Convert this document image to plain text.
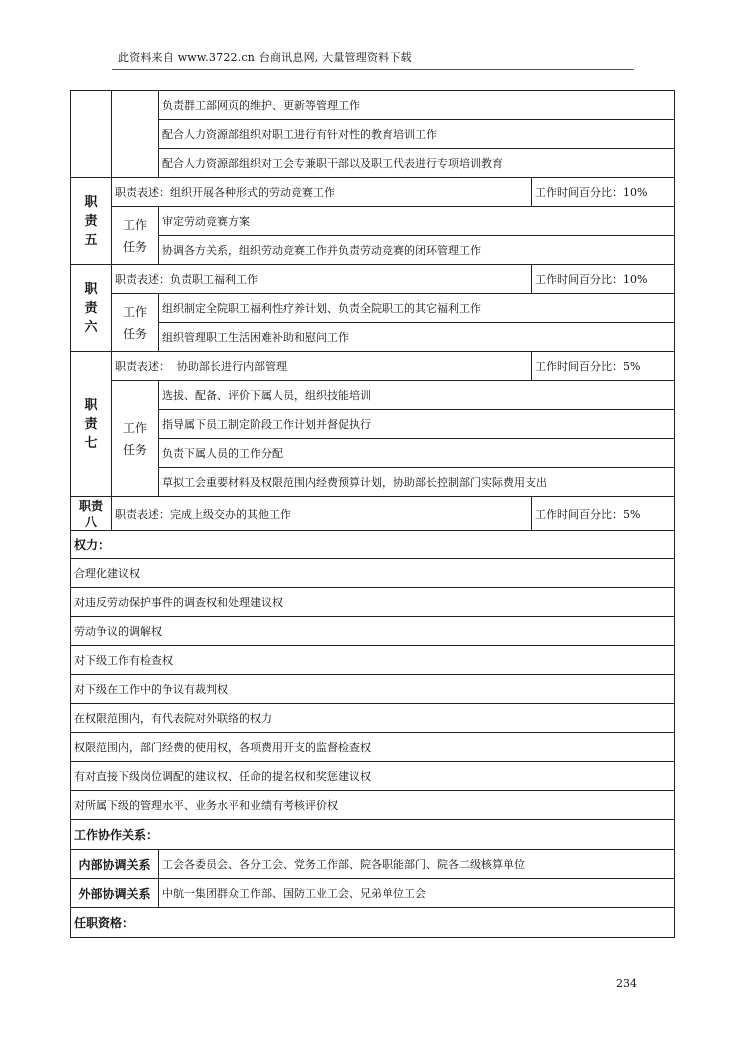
此资料来自 www.3722.cn 台商讯息网, 大量管理资料下载
		负责群工部网页的维护、更新等管理工作	
		配合人力资源部组织对职工进行有针对性的教育培训工作	
		配合人力资源部组织对工会专兼职干部以及职工代表进行专项培训教育	

职
责
五	职责表述：组织开展各种形式的劳动竞赛工作		工作时间百分比：10%

	工作
任务	审定劳动竞赛方案	
		协调各方关系，组织劳动竞赛工作并负责劳动竞赛的闭环管理工作	

职
责
六	职责表述：负责职工福利工作		工作时间百分比：10%

	工作
任务	组织制定全院职工福利性疗养计划、负责全院职工的其它福利工作	
		组织管理职工生活困难补助和慰问工作	

职
责
七	职责表述：  协助部长进行内部管理		工作时间百分比：5%

	工作
任务	选拔、配备、评价下属人员，组织技能培训	
		指导属下员工制定阶段工作计划并督促执行	
		负责下属人员的工作分配	
		草拟工会重要材料及权限范围内经费预算计划，协助部长控制部门实际费用支出	

职责
八	职责表述：完成上级交办的其他工作		工作时间百分比：5%
权力：			
合理化建议权			
对违反劳动保护事件的调查权和处理建议权			
劳动争议的调解权			
对下级工作有检查权			
对下级在工作中的争议有裁判权			
在权限范围内，有代表院对外联络的权力			
权限范围内，部门经费的使用权，各项费用开支的监督检查权			
有对直接下级岗位调配的建议权、任命的提名权和奖惩建议权			
对所属下级的管理水平、业务水平和业绩有考核评价权			
工作协作关系：			
内部协调关系		工会各委员会、各分工会、党务工作部、院各职能部门、院各二级核算单位	
外部协调关系		中航一集团群众工作部、国防工业工会、兄弟单位工会	
任职资格：			
234
